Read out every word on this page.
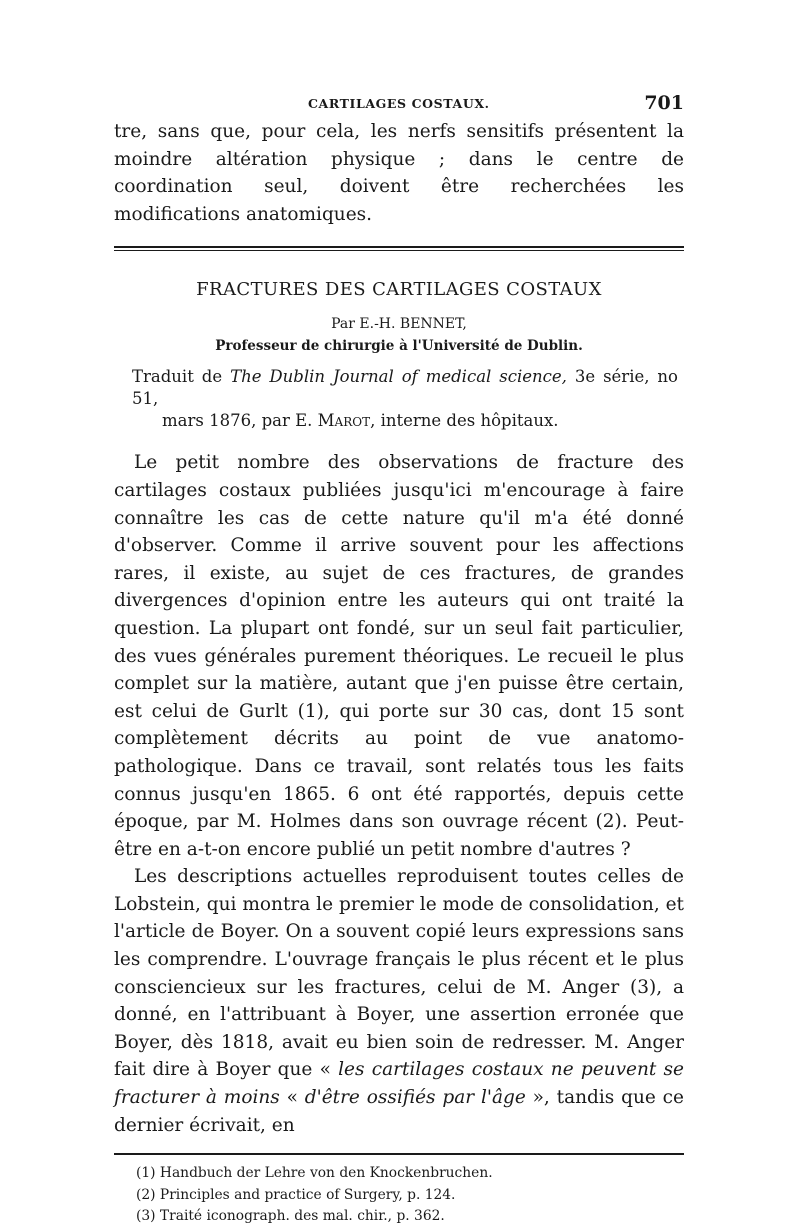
CARTILAGES COSTAUX.	701

tre, sans que, pour cela, les nerfs sensitifs présentent la moindre altération physique ; dans le centre de coordination seul, doivent être recherchées les modifications anatomiques.

FRACTURES DES CARTILAGES COSTAUX
Par E.-H. BENNET,
Professeur de chirurgie à l'Université de Dublin.
Traduit de The Dublin Journal of medical science, 3e série, no 51,
mars 1876, par E. Marot, interne des hôpitaux.

Le petit nombre des observations de fracture des cartilages costaux publiées jusqu'ici m'encourage à faire connaître les cas de cette nature qu'il m'a été donné d'observer. Comme il arrive souvent pour les affections rares, il existe, au sujet de ces fractures, de grandes divergences d'opinion entre les auteurs qui ont traité la question. La plupart ont fondé, sur un seul fait particulier, des vues générales purement théoriques. Le recueil le plus complet sur la matière, autant que j'en puisse être certain, est celui de Gurlt (1), qui porte sur 30 cas, dont 15 sont complètement décrits au point de vue anatomo-pathologique. Dans ce travail, sont relatés tous les faits connus jusqu'en 1865. 6 ont été rapportés, depuis cette époque, par M. Holmes dans son ouvrage récent (2). Peut-être en a-t-on encore publié un petit nombre d'autres ?

Les descriptions actuelles reproduisent toutes celles de Lobstein, qui montra le premier le mode de consolidation, et l'article de Boyer. On a souvent copié leurs expressions sans les comprendre. L'ouvrage français le plus récent et le plus consciencieux sur les fractures, celui de M. Anger (3), a donné, en l'attribuant à Boyer, une assertion erronée que Boyer, dès 1818, avait eu bien soin de redresser. M. Anger fait dire à Boyer que « les cartilages costaux ne peuvent se fracturer à moins « d'être ossifiés par l'âge », tandis que ce dernier écrivait, en

(1) Handbuch der Lehre von den Knockenbruchen.
(2) Principles and practice of Surgery, p. 124.
(3) Traité iconograph. des mal. chir., p. 362.
